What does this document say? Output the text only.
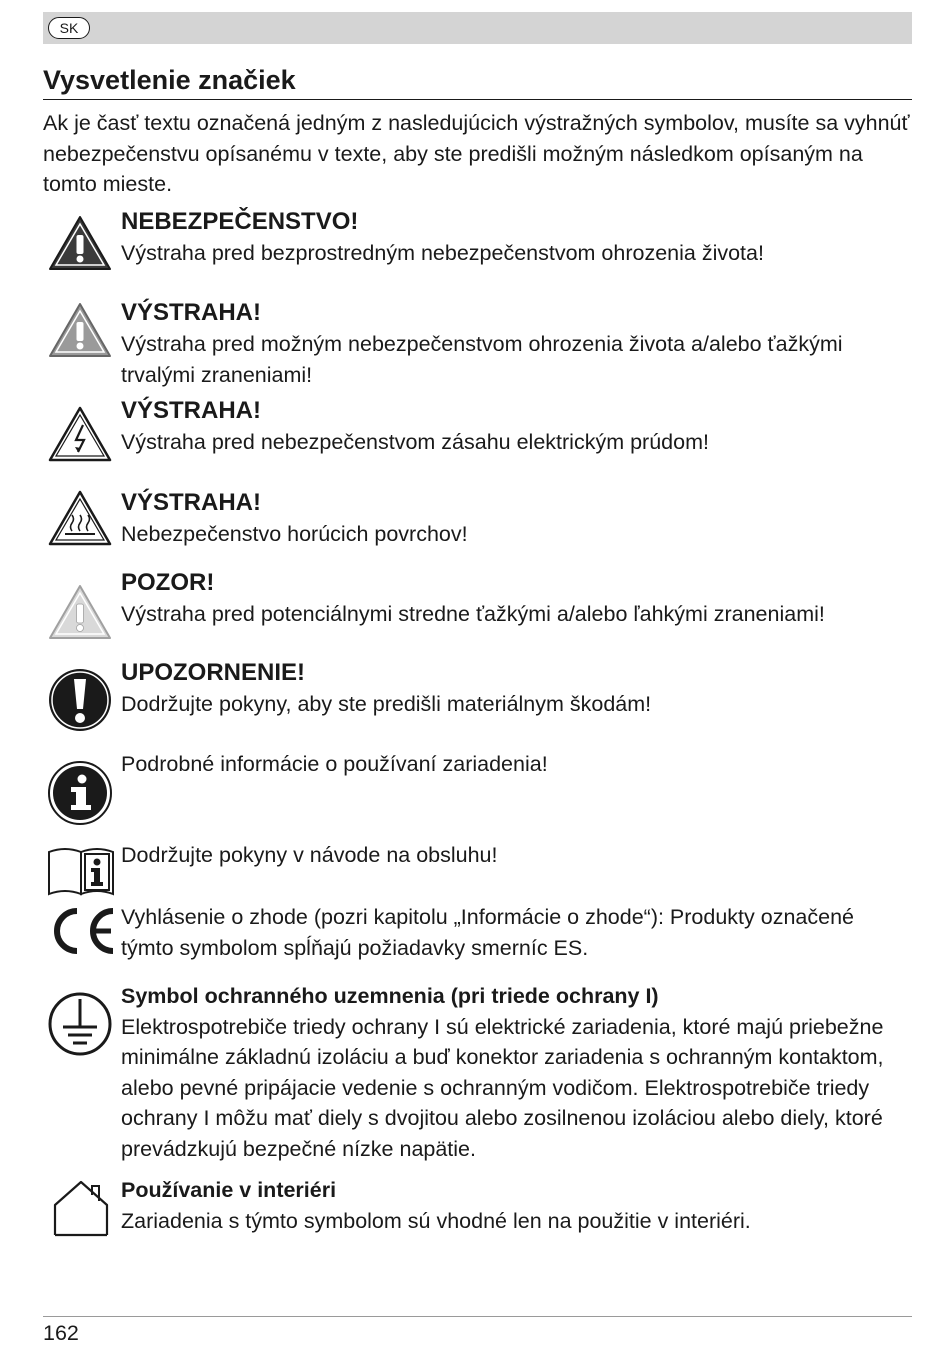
SK
Vysvetlenie značiek
Ak je časť textu označená jedným z nasledujúcich výstražných symbolov, musíte sa vyhnúť nebezpečenstvu opísanému v texte, aby ste predišli možným následkom opísaným na tomto mieste.
NEBEZPEČENSTVO!
Výstraha pred bezprostredným nebezpečenstvom ohrozenia života!
VÝSTRAHA!
Výstraha pred možným nebezpečenstvom ohrozenia života a/alebo ťažkými trvalými zraneniami!
VÝSTRAHA!
Výstraha pred nebezpečenstvom zásahu elektrickým prúdom!
VÝSTRAHA!
Nebezpečenstvo horúcich povrchov!
POZOR!
Výstraha pred potenciálnymi stredne ťažkými a/alebo ľahkými zraneniami!
UPOZORNENIE!
Dodržujte pokyny, aby ste predišli materiálnym škodám!
Podrobné informácie o používaní zariadenia!
Dodržujte pokyny v návode na obsluhu!
Vyhlásenie o zhode (pozri kapitolu „Informácie o zhode“): Produkty označené týmto symbolom spĺňajú požiadavky smerníc ES.
Symbol ochranného uzemnenia (pri triede ochrany I)
Elektrospotrebiče triedy ochrany I sú elektrické zariadenia, ktoré majú priebežne minimálne základnú izoláciu a buď konektor zariadenia s ochranným kontaktom, alebo pevné pripájacie vedenie s ochranným vodičom. Elektrospotrebiče triedy ochrany I môžu mať diely s dvojitou alebo zosilnenou izoláciou alebo diely, ktoré prevádzkujú bezpečné nízke napätie.
Používanie v interiéri
Zariadenia s týmto symbolom sú vhodné len na použitie v interiéri.
162
